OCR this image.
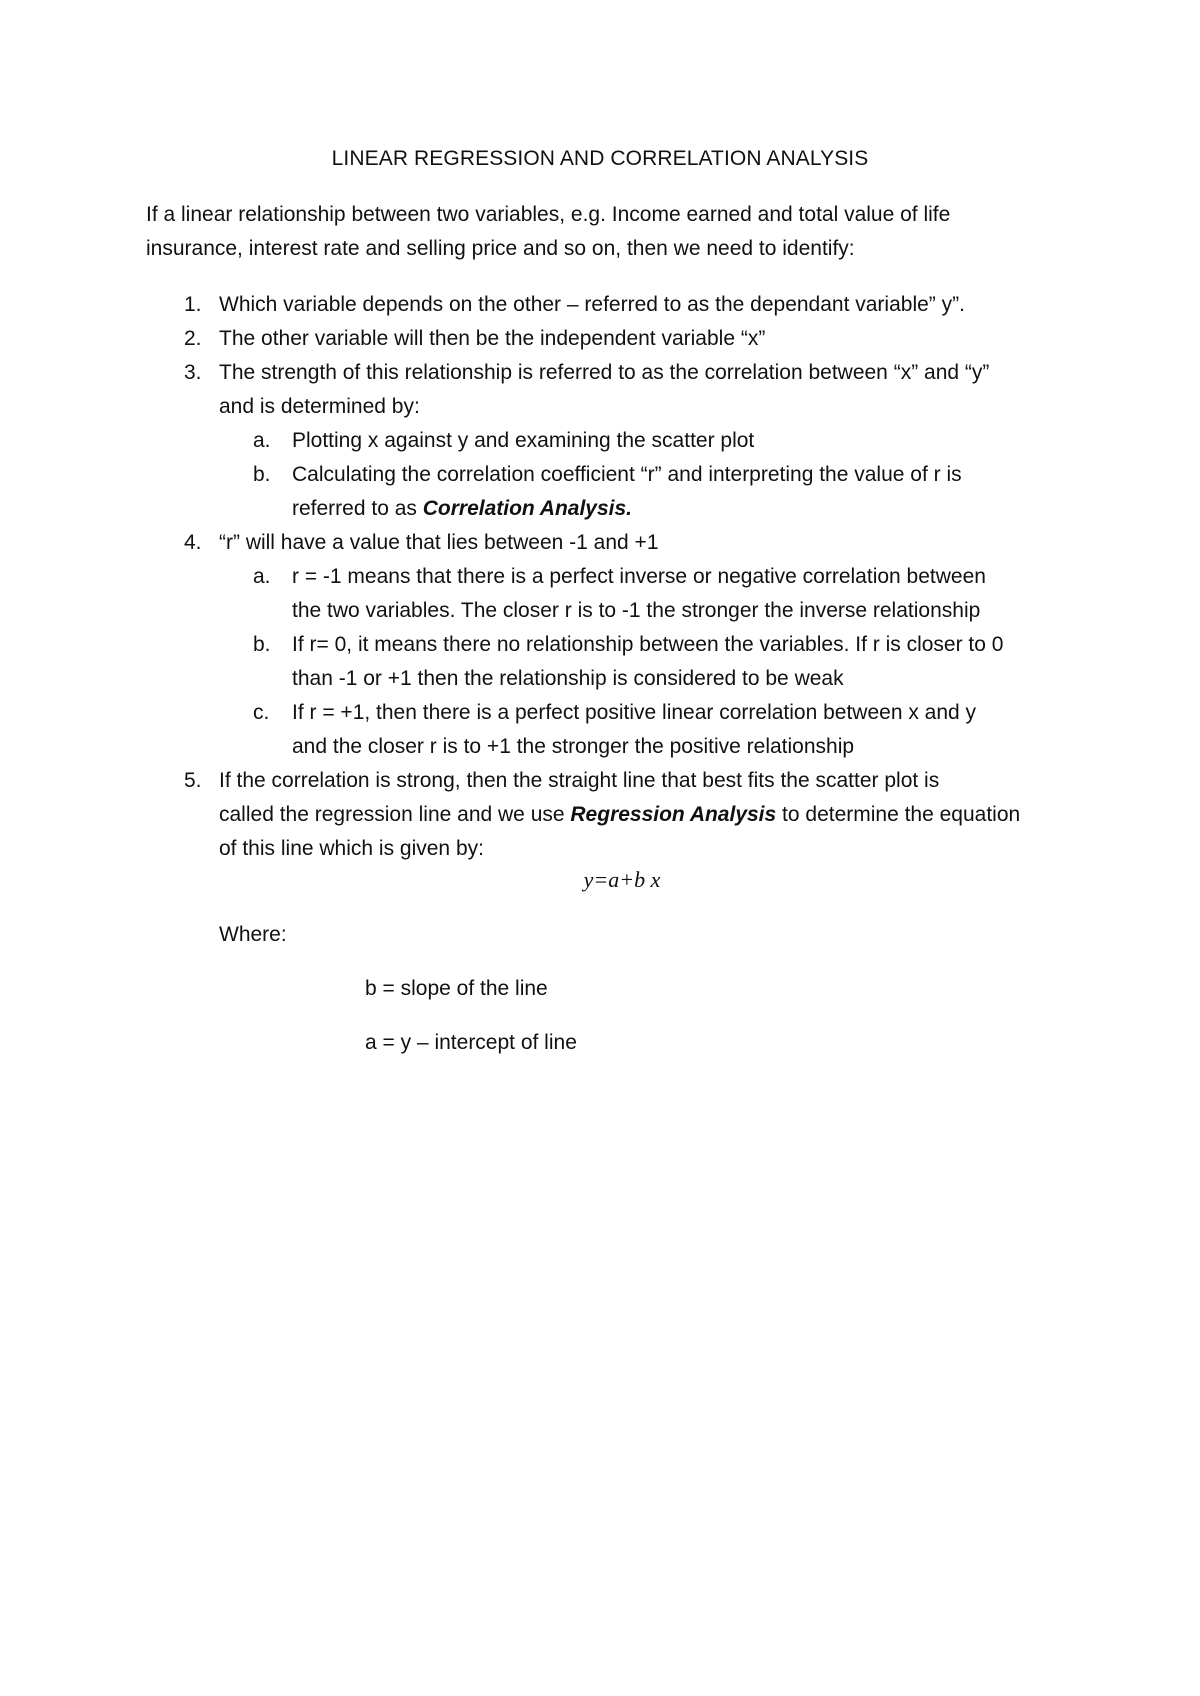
LINEAR REGRESSION AND CORRELATION ANALYSIS
If a linear relationship between two variables, e.g. Income earned and total value of life
insurance, interest rate and selling price and so on, then we need to identify:
1. Which variable depends on the other – referred to as the dependant variable” y”.
2. The other variable will then be the independent variable “x”
3. The strength of this relationship is referred to as the correlation between “x” and “y”
and is determined by:
a. Plotting x against y and examining the scatter plot
b. Calculating the correlation coefficient “r” and interpreting the value of r is
referred to as Correlation Analysis.
4. “r” will have a value that lies between -1 and +1
a. r = -1 means that there is a perfect inverse or negative correlation between
the two variables. The closer r is to -1 the stronger the inverse relationship
b. If r= 0, it means there no relationship between the variables. If r is closer to 0
than -1 or +1 then the relationship is considered to be weak
c. If r = +1, then there is a perfect positive linear correlation between x and y
and the closer r is to +1 the stronger the positive relationship
5. If the correlation is strong, then the straight line that best fits the scatter plot is
called the regression line and we use Regression Analysis to determine the equation
of this line which is given by:
y=a+b x
Where:
b = slope of the line
a = y – intercept of line
